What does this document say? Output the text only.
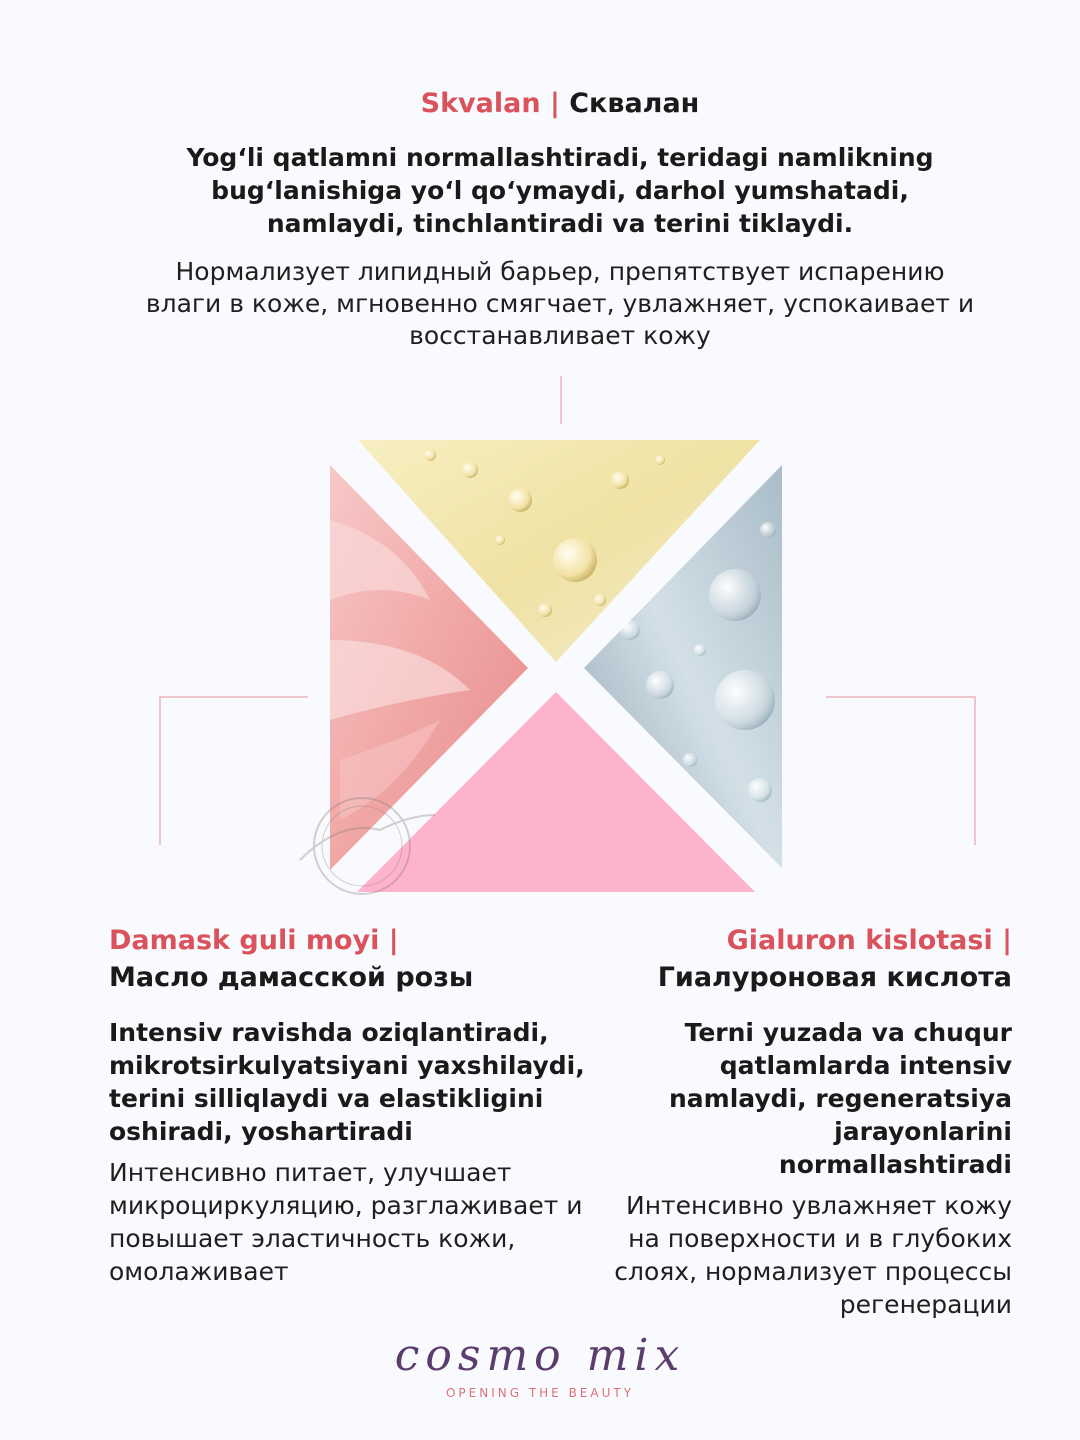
Skvalan | Сквалан

Yog‘li qatlamni normallashtiradi, teridagi namlikning bug‘lanishiga yo‘l qo‘ymaydi, darhol yumshatadi, namlaydi, tinchlantiradi va terini tiklaydi.

Нормализует липидный барьер, препятствует испарению влаги в коже, мгновенно смягчает, увлажняет, успокаивает и восстанавливает кожу

Damask guli moyi |
Масло дамасской розы

Intensiv ravishda oziqlantiradi, mikrotsirkulyatsiyani yaxshilaydi, terini silliqlaydi va elastikligini oshiradi, yoshartiradi

Интенсивно питает, улучшает микроциркуляцию, разглаживает и повышает эластичность кожи, омолаживает

Gialuron kislotasi |
Гиалуроновая кислота

Terni yuzada va chuqur qatlamlarda intensiv namlaydi, regeneratsiya jarayonlarini normallashtiradi

Интенсивно увлажняет кожу на поверхности и в глубоких слоях, нормализует процессы регенерации

cosmo mix
OPENING THE BEAUTY
